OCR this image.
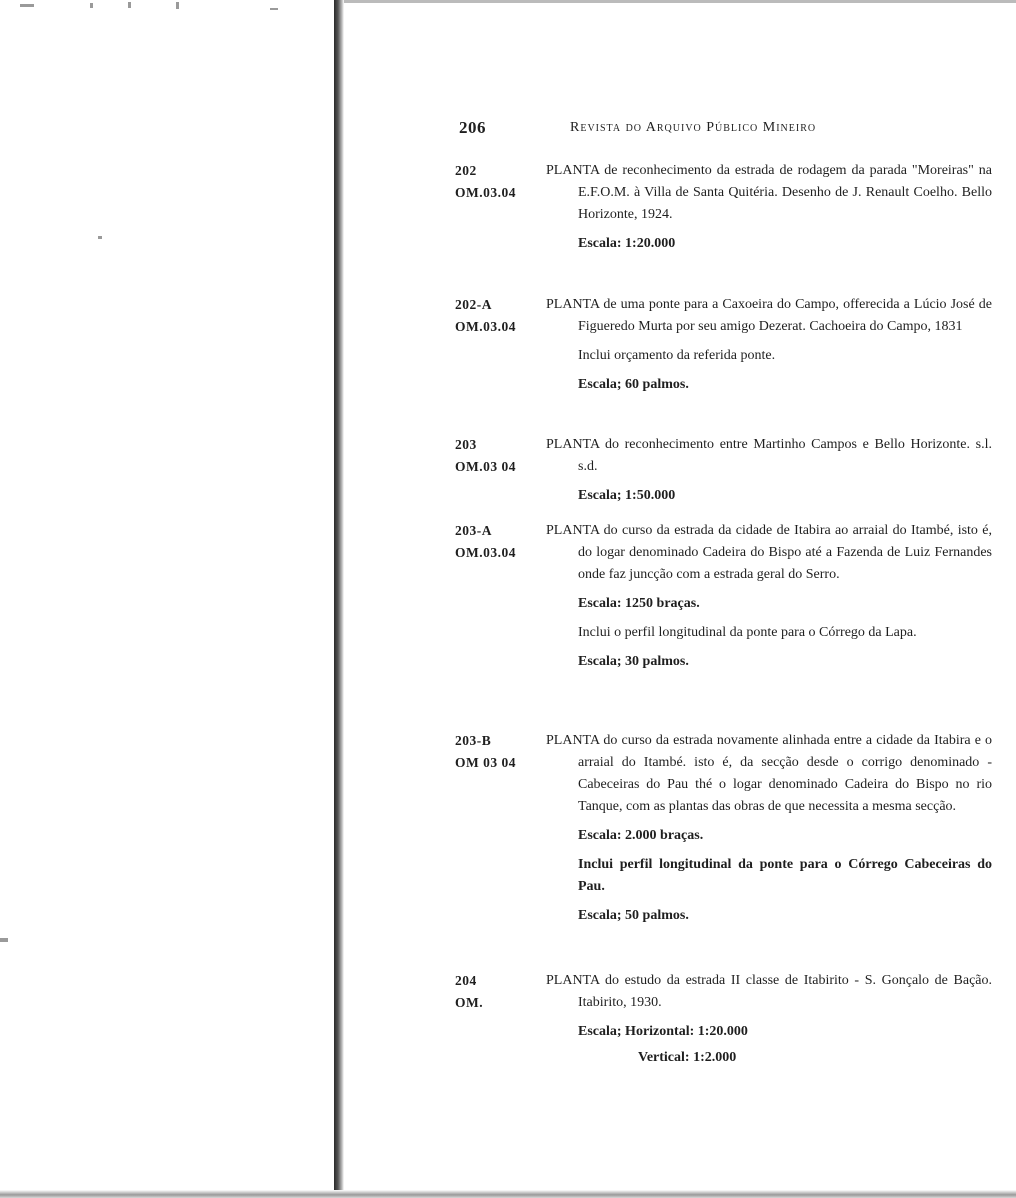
206	Revista do Arquivo Público Mineiro
202
OM.03.04

PLANTA de reconhecimento da estrada de rodagem da parada "Moreiras" na E.F.O.M. à Villa de Santa Quitéria. Desenho de J. Renault Coelho. Bello Horizonte, 1924.

Escala: 1:20.000

202-A
OM.03.04

PLANTA de uma ponte para a Caxoeira do Campo, offerecida a Lúcio José de Figueredo Murta por seu amigo Dezerat. Cachoeira do Campo, 1831

Inclui orçamento da referida ponte.

Escala; 60 palmos.

203
OM.03 04

PLANTA do reconhecimento entre Martinho Campos e Bello Horizonte. s.l. s.d.

Escala; 1:50.000

203-A
OM.03.04

PLANTA do curso da estrada da cidade de Itabira ao arraial do Itambé, isto é, do logar denominado Cadeira do Bispo até a Fazenda de Luiz Fernandes onde faz juncção com a estrada geral do Serro.

Escala: 1250 braças.

Inclui o perfil longitudinal da ponte para o Córrego da Lapa.

Escala; 30 palmos.

203-B
OM 03 04

PLANTA do curso da estrada novamente alinhada entre a cidade da Itabira e o arraial do Itambé. isto é, da secção desde o corrigo denominado - Cabeceiras do Pau thé o logar denominado Cadeira do Bispo no rio Tanque, com as plantas das obras de que necessita a mesma secção.

Escala: 2.000 braças.

Inclui perfil longitudinal da ponte para o Córrego Cabeceiras do Pau.

Escala; 50 palmos.

204
OM.

PLANTA do estudo da estrada II classe de Itabirito - S. Gonçalo de Bação. Itabirito, 1930.

Escala; Horizontal: 1:20.000

Vertical: 1:2.000
